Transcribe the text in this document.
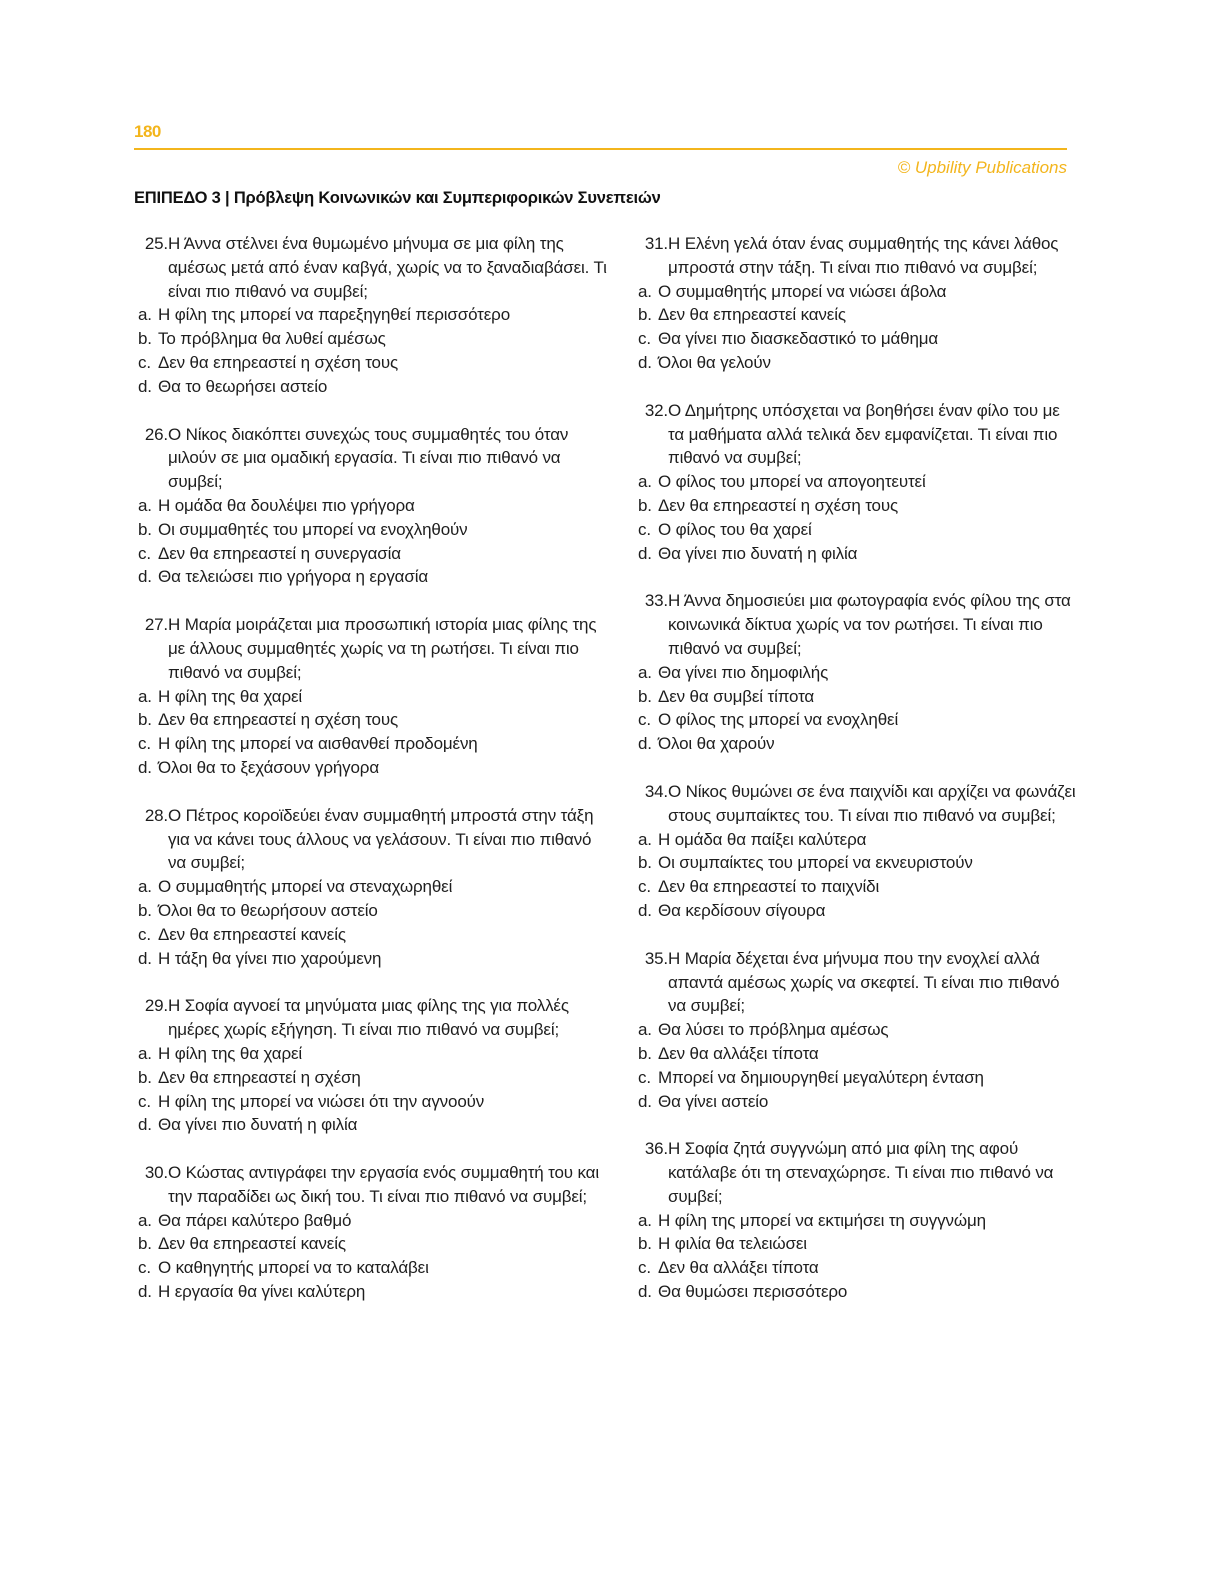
180
© Upbility Publications
ΕΠΙΠΕΔΟ 3 | Πρόβλεψη Κοινωνικών και Συμπεριφορικών Συνεπειών
25. Η Άννα στέλνει ένα θυμωμένο μήνυμα σε μια φίλη της αμέσως μετά από έναν καβγά, χωρίς να το ξαναδιαβάσει. Τι είναι πιο πιθανό να συμβεί;
a. Η φίλη της μπορεί να παρεξηγηθεί περισσότερο
b. Το πρόβλημα θα λυθεί αμέσως
c. Δεν θα επηρεαστεί η σχέση τους
d. Θα το θεωρήσει αστείο
26. Ο Νίκος διακόπτει συνεχώς τους συμμαθητές του όταν μιλούν σε μια ομαδική εργασία. Τι είναι πιο πιθανό να συμβεί;
a. Η ομάδα θα δουλέψει πιο γρήγορα
b. Οι συμμαθητές του μπορεί να ενοχληθούν
c. Δεν θα επηρεαστεί η συνεργασία
d. Θα τελειώσει πιο γρήγορα η εργασία
27. Η Μαρία μοιράζεται μια προσωπική ιστορία μιας φίλης της με άλλους συμμαθητές χωρίς να τη ρωτήσει. Τι είναι πιο πιθανό να συμβεί;
a. Η φίλη της θα χαρεί
b. Δεν θα επηρεαστεί η σχέση τους
c. Η φίλη της μπορεί να αισθανθεί προδομένη
d. Όλοι θα το ξεχάσουν γρήγορα
28. Ο Πέτρος κοροϊδεύει έναν συμμαθητή μπροστά στην τάξη για να κάνει τους άλλους να γελάσουν. Τι είναι πιο πιθανό να συμβεί;
a. Ο συμμαθητής μπορεί να στεναχωρηθεί
b. Όλοι θα το θεωρήσουν αστείο
c. Δεν θα επηρεαστεί κανείς
d. Η τάξη θα γίνει πιο χαρούμενη
29. Η Σοφία αγνοεί τα μηνύματα μιας φίλης της για πολλές ημέρες χωρίς εξήγηση. Τι είναι πιο πιθανό να συμβεί;
a. Η φίλη της θα χαρεί
b. Δεν θα επηρεαστεί η σχέση
c. Η φίλη της μπορεί να νιώσει ότι την αγνοούν
d. Θα γίνει πιο δυνατή η φιλία
30. Ο Κώστας αντιγράφει την εργασία ενός συμμαθητή του και την παραδίδει ως δική του. Τι είναι πιο πιθανό να συμβεί;
a. Θα πάρει καλύτερο βαθμό
b. Δεν θα επηρεαστεί κανείς
c. Ο καθηγητής μπορεί να το καταλάβει
d. Η εργασία θα γίνει καλύτερη
31. Η Ελένη γελά όταν ένας συμμαθητής της κάνει λάθος μπροστά στην τάξη. Τι είναι πιο πιθανό να συμβεί;
a. Ο συμμαθητής μπορεί να νιώσει άβολα
b. Δεν θα επηρεαστεί κανείς
c. Θα γίνει πιο διασκεδαστικό το μάθημα
d. Όλοι θα γελούν
32. Ο Δημήτρης υπόσχεται να βοηθήσει έναν φίλο του με τα μαθήματα αλλά τελικά δεν εμφανίζεται. Τι είναι πιο πιθανό να συμβεί;
a. Ο φίλος του μπορεί να απογοητευτεί
b. Δεν θα επηρεαστεί η σχέση τους
c. Ο φίλος του θα χαρεί
d. Θα γίνει πιο δυνατή η φιλία
33. Η Άννα δημοσιεύει μια φωτογραφία ενός φίλου της στα κοινωνικά δίκτυα χωρίς να τον ρωτήσει. Τι είναι πιο πιθανό να συμβεί;
a. Θα γίνει πιο δημοφιλής
b. Δεν θα συμβεί τίποτα
c. Ο φίλος της μπορεί να ενοχληθεί
d. Όλοι θα χαρούν
34. Ο Νίκος θυμώνει σε ένα παιχνίδι και αρχίζει να φωνάζει στους συμπαίκτες του. Τι είναι πιο πιθανό να συμβεί;
a. Η ομάδα θα παίξει καλύτερα
b. Οι συμπαίκτες του μπορεί να εκνευριστούν
c. Δεν θα επηρεαστεί το παιχνίδι
d. Θα κερδίσουν σίγουρα
35. Η Μαρία δέχεται ένα μήνυμα που την ενοχλεί αλλά απαντά αμέσως χωρίς να σκεφτεί. Τι είναι πιο πιθανό να συμβεί;
a. Θα λύσει το πρόβλημα αμέσως
b. Δεν θα αλλάξει τίποτα
c. Μπορεί να δημιουργηθεί μεγαλύτερη ένταση
d. Θα γίνει αστείο
36. Η Σοφία ζητά συγγνώμη από μια φίλη της αφού κατάλαβε ότι τη στεναχώρησε. Τι είναι πιο πιθανό να συμβεί;
a. Η φίλη της μπορεί να εκτιμήσει τη συγγνώμη
b. Η φιλία θα τελειώσει
c. Δεν θα αλλάξει τίποτα
d. Θα θυμώσει περισσότερο
